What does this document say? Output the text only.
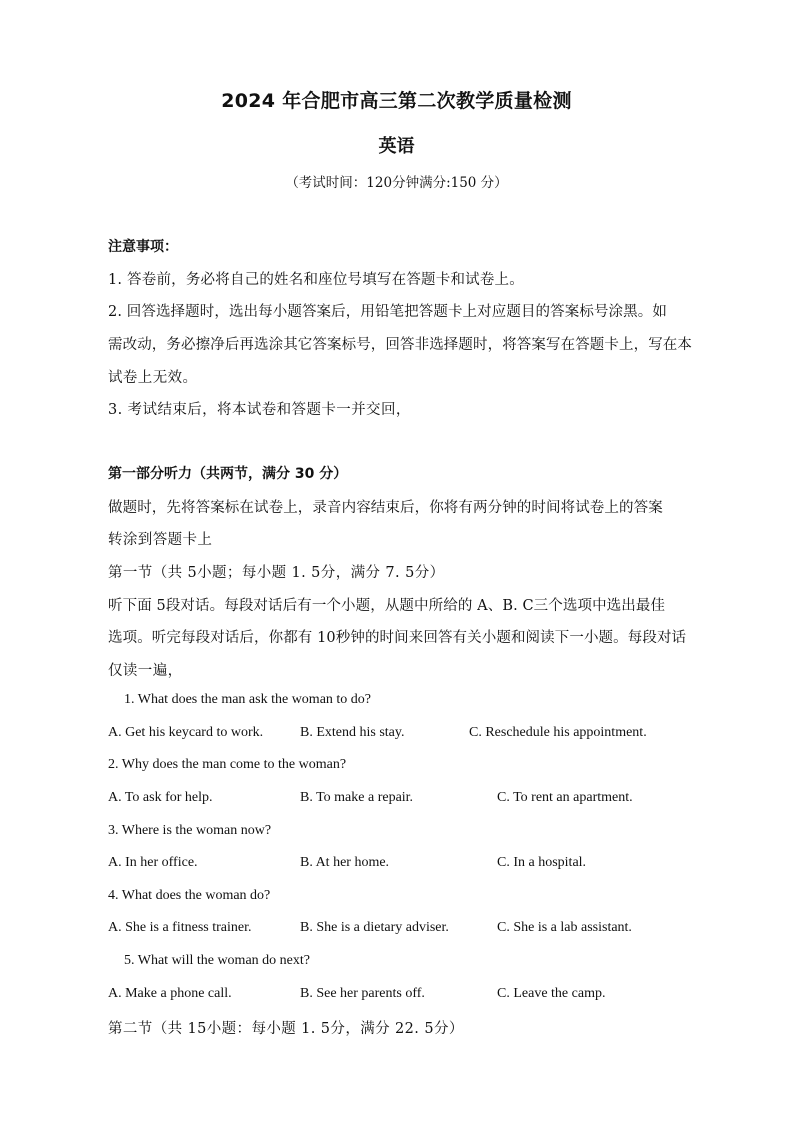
2024 年合肥市高三第二次教学质量检测
英语
（考试时间：120分钟满分:150 分）
注意事项：
1. 答卷前，务必将自己的姓名和座位号填写在答题卡和试卷上。
2. 回答选择题时，选出每小题答案后，用铅笔把答题卡上对应题目的答案标号涂黑。如
需改动，务必擦净后再选涂其它答案标号，回答非选择题时，将答案写在答题卡上，写在本
试卷上无效。
3. 考试结束后，将本试卷和答题卡一并交回，
第一部分听力（共两节，满分 30 分）
做题时，先将答案标在试卷上，录音内容结束后，你将有两分钟的时间将试卷上的答案
转涂到答题卡上
第一节（共 5小题；每小题 1. 5分，满分 7. 5分）
听下面 5段对话。每段对话后有一个小题，从题中所给的 A、B. C三个选项中选出最佳
选项。听完每段对话后，你都有 10秒钟的时间来回答有关小题和阅读下一小题。每段对话
仅读一遍，
1. What does the man ask the woman to do?
A. Get his keycard to work.	B. Extend his stay.	C. Reschedule his appointment.
2. Why does the man come to the woman?
A. To ask for help.	B. To make a repair.	C. To rent an apartment.
3. Where is the woman now?
A. In her office.	B. At her home.	C. In a hospital.
4. What does the woman do?
A. She is a fitness trainer.	B. She is a dietary adviser.	C. She is a lab assistant.
5. What will the woman do next?
A. Make a phone call.	B. See her parents off.	C. Leave the camp.
第二节（共 15小题：每小题 1. 5分，满分 22. 5分）
